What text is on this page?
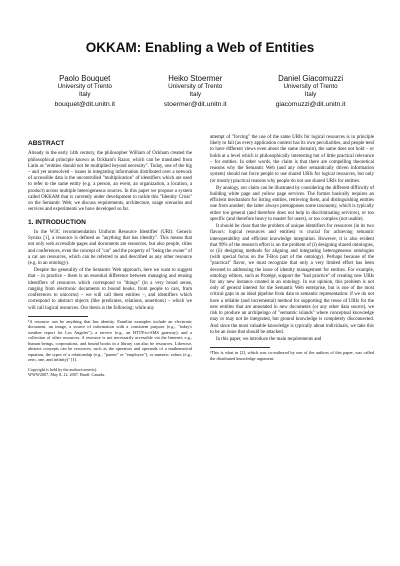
OKKAM: Enabling a Web of Entities
Paolo Bouquet
University of Trento
Italy
bouquet@dit.unitn.it
Heiko Stoermer
University of Trento
Italy
stoermer@dit.unitn.it
Daniel Giacomuzzi
University of Trento
Italy
giacomuzzi@dit.unitn.it
ABSTRACT

Already in the early 14th century, the philosopher William of Ockham created the philosophical principle known as Ockham's Razor, which can be translated from Latin as "entities should not be multiplied beyond necessity". Today, one of the big – and yet unresolved – issues in integrating information distributed over a network of accessible data is the uncontrolled "multiplication" of identifiers which are used to refer to the same entity (e.g. a person, an event, an organization, a location, a product) across multiple heterogeneous sources. In this paper we propose a system called OKKAM that is currently under development to tackle this "Identity Crisis" on the Semantic Web; we discuss requirements, architecture, usage scenarios and services and experiments we have developed so far.

1. INTRODUCTION

In the W3C recommendation Uniform Resource Identifier (URI): Generic Syntax [1], a resource is defined as "anything that has identity". This means that not only web accessible pages and documents are resources, but also people, cities and conferences, even the concept of "car" and the property of "being the owner" of a car are resources, which can be referred to and described as any other resource (e.g. in an ontology).

Despite the generality of the Semantic Web approach, here we want to suggest that – in practice – there is an essential difference between managing and reusing identifiers of resources which correspond to "things" (in a very broad sense, ranging from electronic documents to bound books, from people to cars, from conferences to unicorns) – we will call them entities –, and identifiers which correspond to abstract objects (like predicates, relations, assertions) – which we will call logical resources. Our thesis is the following: while any

¹A resource can be anything that has identity. Familiar examples include an electronic document, an image, a source of information with a consistent purpose (e.g., "today's weather report for Los Angeles"), a service (e.g., an HTTP-to-SMS gateway), and a collection of other resources. A resource is not necessarily accessible via the Internet; e.g., human beings, corporations, and bound books in a library can also be resources. Likewise, abstract concepts can be resources, such as the operators and operands of a mathematical equation, the types of a relationship (e.g., "parent" or "employee"), or numeric values (e.g., zero, one, and infinity)" [1].
Copyright is held by the author/owner(s).
WWW2007, May 8–12, 2007, Banff, Canada.

attempt of "forcing" the use of the same URIs for logical resources is in principle likely to fail (as every application context has its own peculiarities, and people tend to have different views even about the same domain), the same does not hold – or holds at a level which is philosophically interesting but of little practical relevance – for entities. In other words, the claim is that there are compelling theoretical reasons why the Semantic Web (and any other semantically driven information system) should not force people to use shared URIs for logical resources, but only (or mostly) practical reasons why people do not use shared URIs for entities.

By analogy, our claim can be illustrated by considering the different difficulty of building white page and yellow page services. The former basically requires an efficient mechanism for listing entities, retrieving them, and distinguishing entities one from another; the latter always presupposes some taxonomy, which is typically either too general (and therefore does not help in discriminating services), or too specific (and therefore heavy to master for users), or too complex (not usable).

It should be clear that the problem of unique identifiers for resources (in its two flavors: logical resources and entities) is crucial for achieving semantic interoperability and efficient knowledge integration. However, it is also evident that 99% of the research effort is on the problem of (i) designing shared ontologies, or (ii) designing methods for aligning and integrating heterogeneous ontologies (with special focus on the T-Box part of the ontology). Perhaps because of the "practical" flavor, we must recognize that only a very limited effort has been devoted to addressing the issue of identity management for entities. For example, ontology editors, such as Protégé, support the "bad practice" of creating new URIs for any new instance created in an ontology. In our opinion, this problem is not only of general interest for the Semantic Web enterprise, but is one of the most critical gaps in an ideal pipeline from data to semantic representation: if we do not have a reliable (and incremental) method for supporting the reuse of URIs for the new entities that are annotated in new documents (or any other data source), we risk to produce an archipelago of "semantic islands" where conceptual knowledge may or may not be integrated, but ground knowledge is completely disconnected. And since the most valuable knowledge is typically about individuals, we take this to be an issue that should be attacked.

In this paper, we introduce the main requirements and

²This is what in [2], which was co-authored by one of the authors of this paper, was called the distributed knowledge argument.
